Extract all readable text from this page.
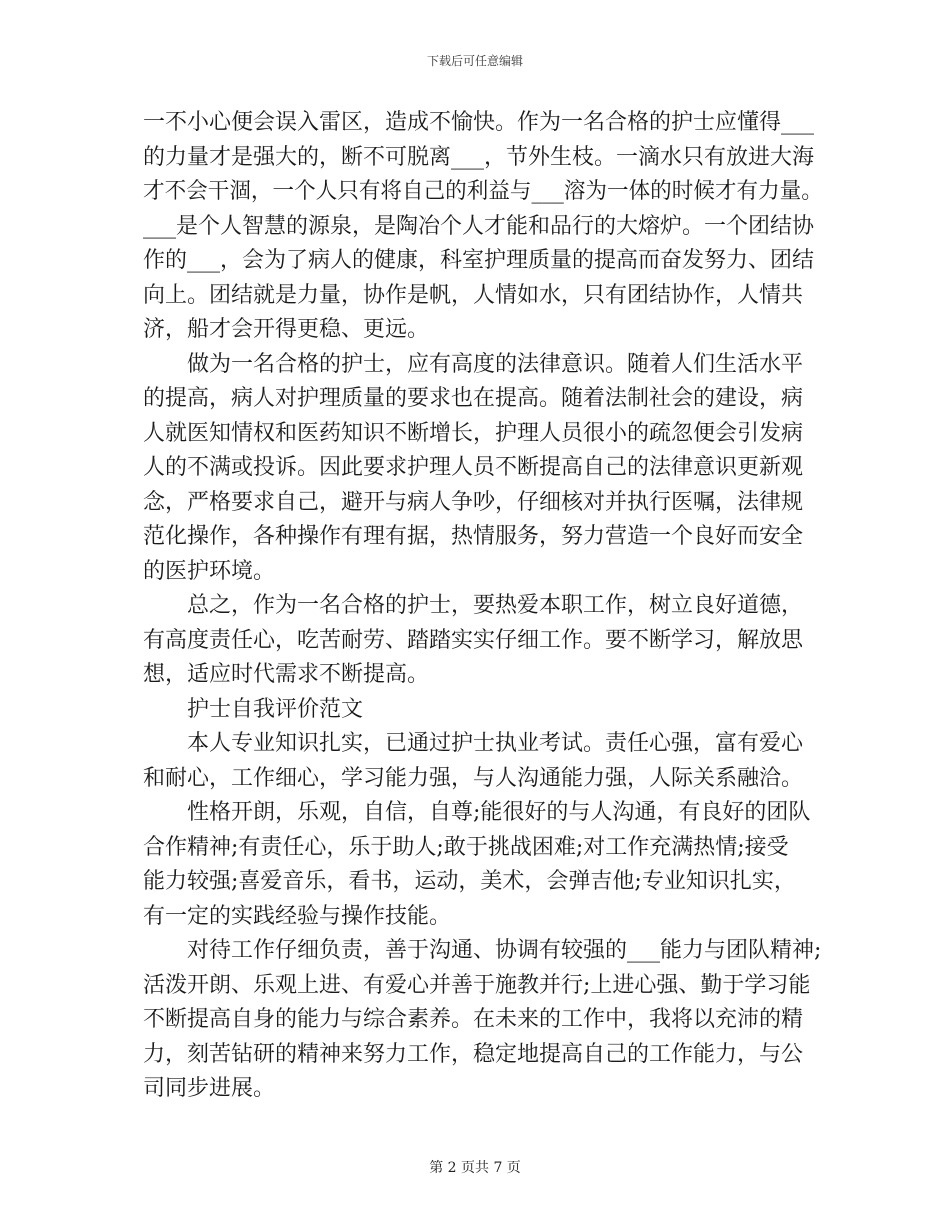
下载后可任意编辑
一不小心便会误入雷区，造成不愉快。作为一名合格的护士应懂得___
的力量才是强大的，断不可脱离___，节外生枝。一滴水只有放进大海
才不会干涸，一个人只有将自己的利益与___溶为一体的时候才有力量。
___是个人智慧的源泉，是陶冶个人才能和品行的大熔炉。一个团结协
作的___，会为了病人的健康，科室护理质量的提高而奋发努力、团结
向上。团结就是力量，协作是帆，人情如水，只有团结协作，人情共
济，船才会开得更稳、更远。
做为一名合格的护士，应有高度的法律意识。随着人们生活水平
的提高，病人对护理质量的要求也在提高。随着法制社会的建设，病
人就医知情权和医药知识不断增长，护理人员很小的疏忽便会引发病
人的不满或投诉。因此要求护理人员不断提高自己的法律意识更新观
念，严格要求自己，避开与病人争吵，仔细核对并执行医嘱，法律规
范化操作，各种操作有理有据，热情服务，努力营造一个良好而安全
的医护环境。
总之，作为一名合格的护士，要热爱本职工作，树立良好道德，
有高度责任心，吃苦耐劳、踏踏实实仔细工作。要不断学习，解放思
想，适应时代需求不断提高。
护士自我评价范文
本人专业知识扎实，已通过护士执业考试。责任心强，富有爱心
和耐心，工作细心，学习能力强，与人沟通能力强，人际关系融洽。
性格开朗，乐观，自信，自尊;能很好的与人沟通，有良好的团队
合作精神;有责任心，乐于助人;敢于挑战困难;对工作充满热情;接受
能力较强;喜爱音乐，看书，运动，美术，会弹吉他;专业知识扎实，
有一定的实践经验与操作技能。
对待工作仔细负责，善于沟通、协调有较强的___能力与团队精神;
活泼开朗、乐观上进、有爱心并善于施教并行;上进心强、勤于学习能
不断提高自身的能力与综合素养。在未来的工作中，我将以充沛的精
力，刻苦钻研的精神来努力工作，稳定地提高自己的工作能力，与公
司同步进展。
第 2 页共 7 页
